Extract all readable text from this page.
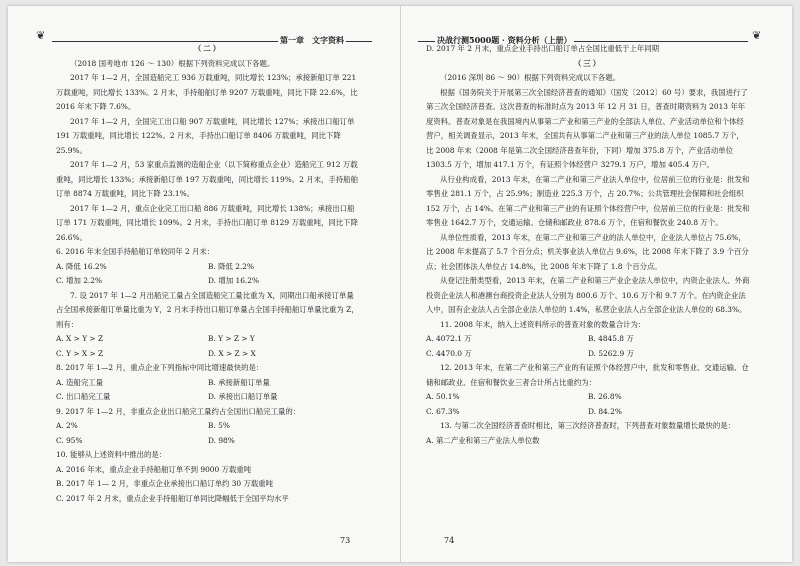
❦	第一章　文字资料	决战行测5000题 · 资料分析（上册）	❦

（二）

（2018 国考地市 126 ～ 130）根据下列资料完成以下各题。

2017 年 1—2 月，全国造船完工 936 万载重吨，同比增长 123%；承接新船订单 221 万载重吨，同比增长 133%。2 月末，手持船舶订单 9207 万载重吨，同比下降 22.6%，比 2016 年末下降 7.6%。

2017 年 1—2 月，全国完工出口船 907 万载重吨，同比增长 127%；承接出口船订单 191 万载重吨，同比增长 122%。2 月末，手持出口船订单 8406 万载重吨，同比下降 25.9%。

2017 年 1—2 月，53 家重点监测的造船企业（以下简称重点企业）造船完工 912 万载重吨，同比增长 133%；承接新船订单 197 万载重吨，同比增长 119%。2 月末，手持船舶订单 8874 万载重吨，同比下降 23.1%。

2017 年 1—2 月，重点企业完工出口船 886 万载重吨，同比增长 138%；承接出口船订单 171 万载重吨，同比增长 109%。2 月末，手持出口船订单 8129 万载重吨，同比下降 26.6%。

6. 2016 年末全国手持船舶订单较同年 2 月末：

A. 降低 16.2%	B. 降低 2.2%
C. 增加 2.2%	D. 增加 16.2%

7. 设 2017 年 1—2 月出船完工量占全国造船完工量比重为 X，同期出口船承接订单量占全国承接新船订单量比重为 Y，2 月末手持出口船订单量占全国手持船舶订单量比重为 Z，则有：

A. X > Y > Z	B. Y > Z > Y
C. Y > X > Z	D. X > Z > X

8. 2017 年 1—2 月，重点企业下列指标中同比增速最快的是：

A. 造船完工量	B. 承接新船订单量
C. 出口船完工量	D. 承接出口船订单量

9. 2017 年 1—2 月，非重点企业出口船完工量约占全国出口船完工量的：

A. 2%	B. 5%
C. 95%	D. 98%

10. 能够从上述资料中推出的是：

A. 2016 年末，重点企业手持船舶订单不到 9000 万载重吨

B. 2017 年 1— 2 月，非重点企业承接出口船订单约 30 万载重吨

C. 2017 年 2 月末，重点企业手持船舶订单同比降幅低于全国平均水平

73

D. 2017 年 2 月末，重点企业手持出口船订单占全国比重低于上年同期

（三）

（2016 深圳 86 ～ 90）根据下列资料完成以下各题。

根据《国务院关于开展第三次全国经济普查的通知》（国发〔2012〕60 号）要求，我国进行了第三次全国经济普查。这次普查的标准时点为 2013 年 12 月 31 日，普查时期资料为 2013 年年度资料。普查对象是在我国境内从事第二产业和第三产业的全部法人单位、产业活动单位和个体经营户，相关调查显示，2013 年末，全国共有从事第二产业和第三产业的法人单位 1085.7 万个，比 2008 年末（2008 年是第二次全国经济普查年份，下同）增加 375.8 万个，产业活动单位 1303.5 万个，增加 417.1 万个，有证照个体经营户 3279.1 万户，增加 405.4 万户。

从行业构成看，2013 年末，在第二产业和第三产业法人单位中，位居前三位的行业是：批发和零售业 281.1 万个，占 25.9%；制造业 225.3 万个，占 20.7%；公共管理社会保障和社会组织 152 万个，占 14%。在第二产业和第三产业的有证照个体经营户中，位居前三位的行业是：批发和零售业 1642.7 万个，交通运输、仓储和邮政业 878.6 万个，住宿和餐饮业 240.8 万个。

从单位性质看，2013 年末，在第二产业和第三产业的法人单位中，企业法人单位占 75.6%，比 2008 年末提高了 5.7 个百分点；机关事业法人单位占 9.6%，比 2008 年末下降了 3.9 个百分点；社会团体法人单位占 14.8%，比 2008 年末下降了 1.8 个百分点。

从登记注册类型看，2013 年末，在第二产业和第三产业企业法人单位中，内资企业法人、外商投资企业法人和港澳台商投资企业法人分别为 800.6 万个、10.6 万个和 9.7 万个。在内资企业法人中，国有企业法人占全部企业法人单位的 1.4%，私营企业法人占全部企业法人单位的 68.3%。

11. 2008 年末，纳入上述资料所示的普查对象的数量合计为：

A. 4072.1 万	B. 4845.8 万
C. 4470.0 万	D. 5262.9 万

12. 2013 年末，在第二产业和第三产业的有证照个体经营户中，批发和零售业、交通运输、仓储和邮政业、住宿和餐饮业三者合计所占比重约为：

A. 50.1%	B. 26.8%
C. 67.3%	D. 84.2%

13. 与第二次全国经济普查时相比，第三次经济普查时，下列普查对象数量增长最快的是：

A. 第二产业和第三产业法人单位数

74
